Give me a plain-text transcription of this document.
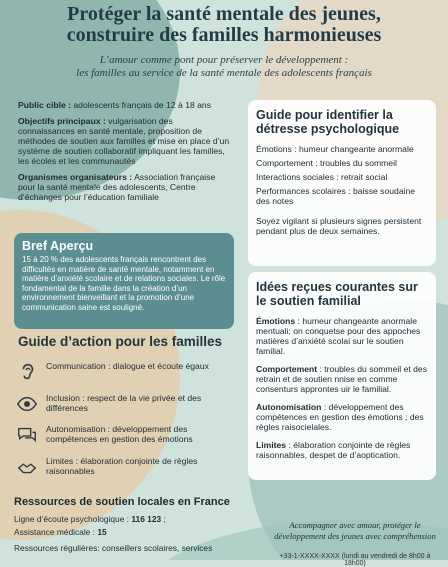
Protéger la santé mentale des jeunes,
construire des familles harmonieuses
L’amour comme pont pour préserver le développement :
les familles au service de la santé mentale des adolescents français

Public cible : adolescents français de 12 à 18 ans

Objectifs principaux : vulgarisation des connaissances en santé mentale, proposition de méthodes de soutien aux familles et mise en place d’un système de soutien collaboratif impliquant les familles, les écoles et les communautés

Organismes organisateurs : Association française pour la santé mentale des adolescents, Centre d’échanges pour l’éducation familiale

Bref Aperçu

15 à 20 % des adolescents français rencontrent des difficultés en matière de santé mentale, notamment en matière d’anxiété scolaire et de relations sociales. Le rôle fondamental de la famille dans la création d’un environnement bienveillant et la promotion d’une communication saine est souligné.

Guide d’action pour les familles
Communication : dialogue et écoute égaux
Inclusion : respect de la vie privée et des différences
Autonomisation : développement des compétences en gestion des émotions
Limites : élaboration conjointe de règles raisonnables
Guide pour identifier la détresse psychologique

Émotions : humeur changeante anormale

Comportement : troubles du sommeil

Interactions sociales : retrait social

Performances scolaires : baisse soudaine des notes

Soyez vigilant si plusieurs signes persistent pendant plus de deux semaines.

Idées reçues courantes sur le soutien familial

Émotions : humeur changeante anormale mentuali; on conquetse pour des appoches matières d’anxiété scolai sur le soutien familial.

Comportement : troubles du sommeil et des retrain et de soutien nnise en comme consenturs approntes uir le familial.

Autonomisation : développement des compétences en gestion des émotions ; des règles raisocielales.

Limites : élaboration conjointe de règles raisonnables, despet de d’aoptication.

Ressources de soutien locales en France

Ligne d’écoute psychologique : 116 123 ;

Assistance médicale : 15

Ressources régulières: conseillers scolaires, services

Accompagner avec amour, protéger le
développement des jeunes avec compréhension
+33-1-XXXX-XXXX (lundi au vendredi de 8h00 à 18h00)
